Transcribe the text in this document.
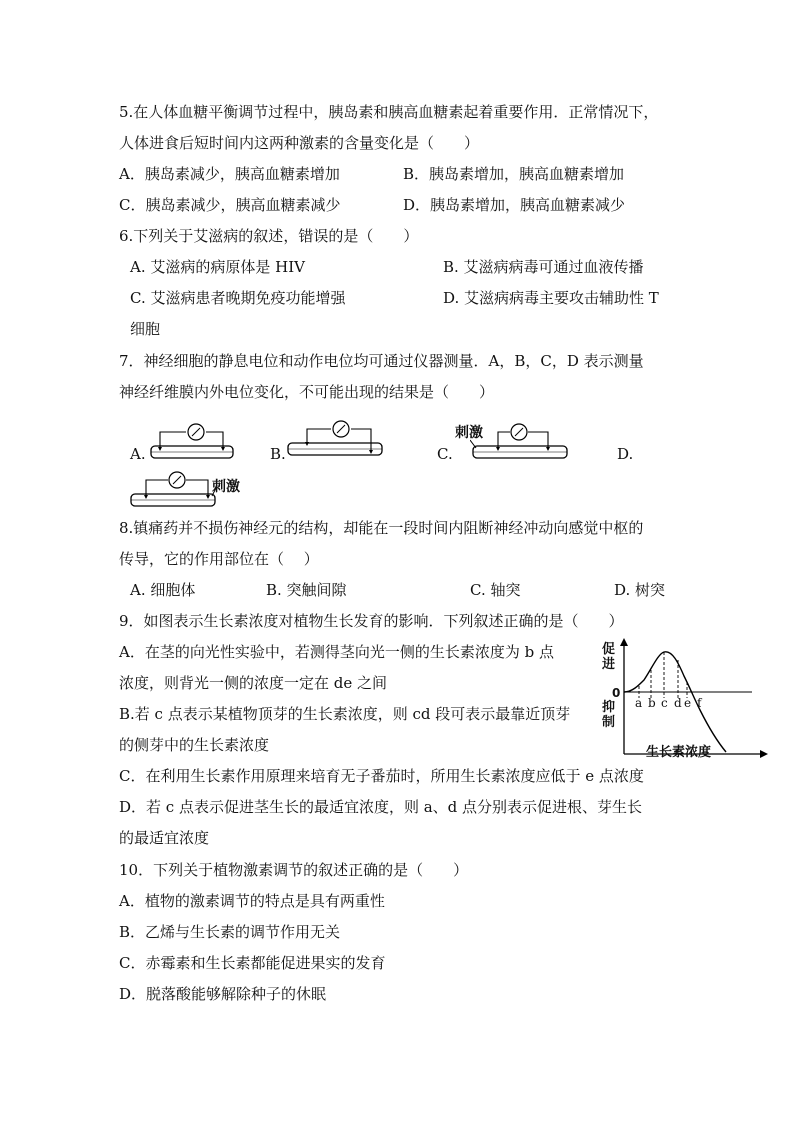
5.在人体血糖平衡调节过程中，胰岛素和胰高血糖素起着重要作用．正常情况下，
人体进食后短时间内这两种激素的含量变化是（　　）
A．胰岛素减少，胰高血糖素增加	B．胰岛素增加，胰高血糖素增加
C．胰岛素减少，胰高血糖素减少	D．胰岛素增加，胰高血糖素减少
6.下列关于艾滋病的叙述，错误的是（　　）
A. 艾滋病的病原体是 HIV	B. 艾滋病病毒可通过血液传播
C. 艾滋病患者晚期免疫功能增强	D. 艾滋病病毒主要攻击辅助性 T
细胞
7．神经细胞的静息电位和动作电位均可通过仪器测量．A，B，C，D 表示测量
神经纤维膜内外电位变化，不可能出现的结果是（　　）
A.	B.	C.	D.
刺激
刺激
8.镇痛药并不损伤神经元的结构，却能在一段时间内阻断神经冲动向感觉中枢的
传导，它的作用部位在（　 ）
A. 细胞体	B. 突触间隙	C. 轴突	D. 树突
9．如图表示生长素浓度对植物生长发育的影响．下列叙述正确的是（　　）
A．在茎的向光性实验中，若测得茎向光一侧的生长素浓度为 b 点
浓度，则背光一侧的浓度一定在 de 之间
B.若 c 点表示某植物顶芽的生长素浓度，则 cd 段可表示最靠近顶芽
的侧芽中的生长素浓度
C．在利用生长素作用原理来培育无子番茄时，所用生长素浓度应低于 e 点浓度
D．若 c 点表示促进茎生长的最适宜浓度，则 a、d 点分别表示促进根、芽生长
的最适宜浓度
促进
0
抑制
a b c d e f
生长素浓度
10．下列关于植物激素调节的叙述正确的是（　　）
A．植物的激素调节的特点是具有两重性
B．乙烯与生长素的调节作用无关
C．赤霉素和生长素都能促进果实的发育
D．脱落酸能够解除种子的休眠
